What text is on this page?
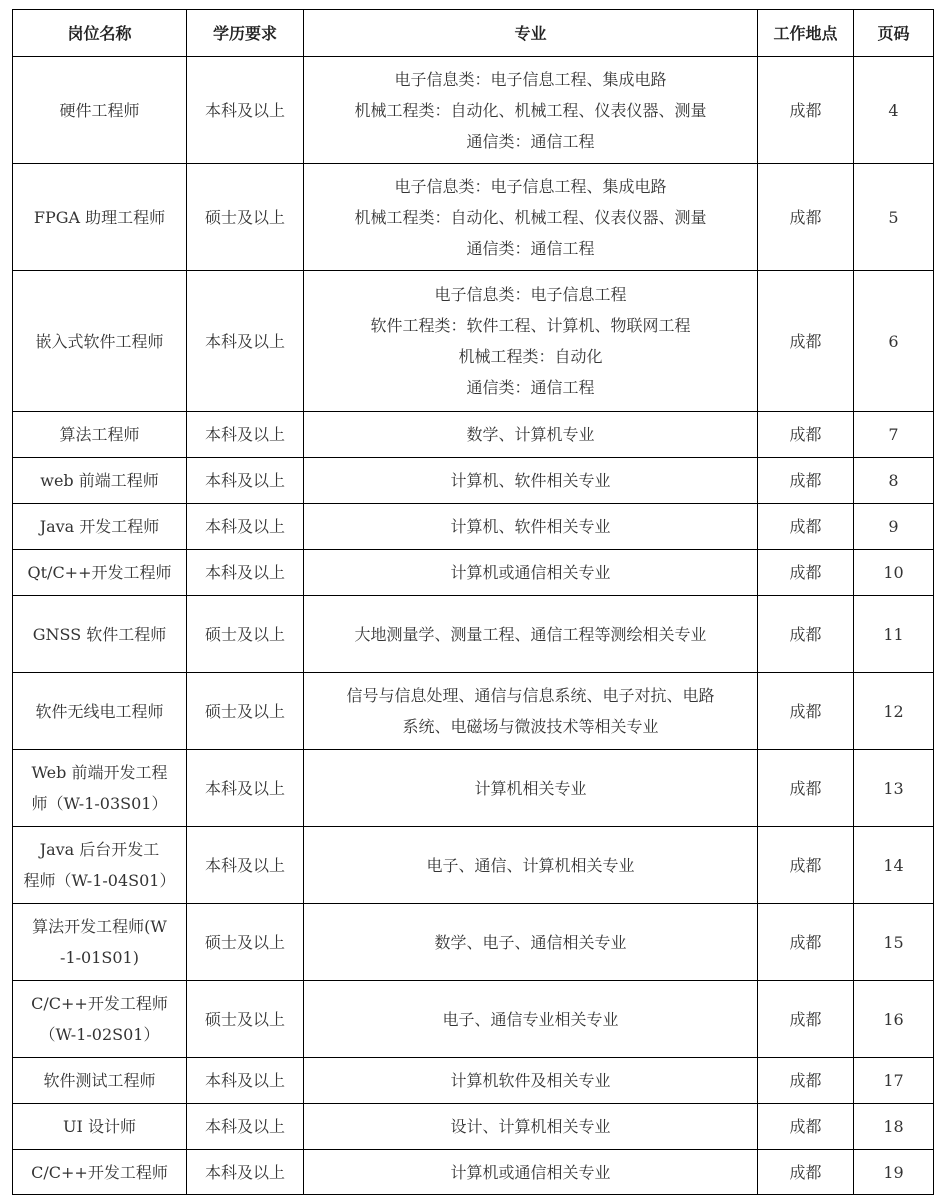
岗位名称	学历要求	专业	工作地点	页码

硬件工程师	本科及以上	电子信息类：电子信息工程、集成电路
机械工程类：自动化、机械工程、仪表仪器、测量
通信类：通信工程	成都	4

FPGA 助理工程师	硕士及以上	电子信息类：电子信息工程、集成电路
机械工程类：自动化、机械工程、仪表仪器、测量
通信类：通信工程	成都	5

嵌入式软件工程师	本科及以上	电子信息类：电子信息工程
软件工程类：软件工程、计算机、物联网工程
机械工程类：自动化
通信类：通信工程	成都	6

算法工程师	本科及以上	数学、计算机专业	成都	7

web 前端工程师	本科及以上	计算机、软件相关专业	成都	8

Java 开发工程师	本科及以上	计算机、软件相关专业	成都	9

Qt/C++开发工程师	本科及以上	计算机或通信相关专业	成都	10

GNSS 软件工程师	硕士及以上	大地测量学、测量工程、通信工程等测绘相关专业	成都	11

软件无线电工程师	硕士及以上	信号与信息处理、通信与信息系统、电子对抗、电路
系统、电磁场与微波技术等相关专业	成都	12

Web 前端开发工程
师（W-1-03S01）	本科及以上	计算机相关专业	成都	13

Java 后台开发工
程师（W-1-04S01）	本科及以上	电子、通信、计算机相关专业	成都	14

算法开发工程师(W
-1-01S01)	硕士及以上	数学、电子、通信相关专业	成都	15

C/C++开发工程师
（W-1-02S01）	硕士及以上	电子、通信专业相关专业	成都	16

软件测试工程师	本科及以上	计算机软件及相关专业	成都	17

UI 设计师	本科及以上	设计、计算机相关专业	成都	18

C/C++开发工程师	本科及以上	计算机或通信相关专业	成都	19
